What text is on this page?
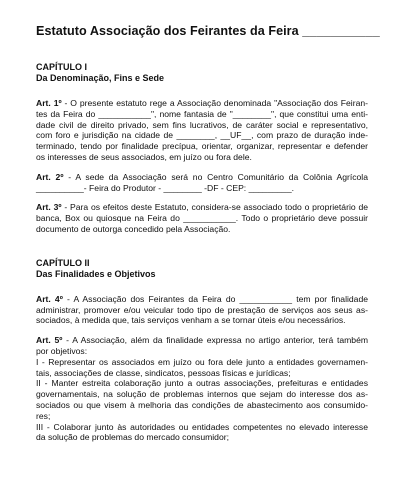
Estatuto Associação dos Feirantes da Feira ___________
CAPÍTULO I
Da Denominação, Fins e Sede
Art. 1º - O presente estatuto rege a Associação denominada "Associação dos Feiran-
tes da Feira do ___________", nome fantasia de "________", que constitui uma enti-
dade civil de direito privado, sem fins lucrativos, de caráter social e representativo,
com foro e jurisdição na cidade de ________, __UF__, com prazo de duração inde-
terminado, tendo por finalidade precípua, orientar, organizar, representar e defender
os interesses de seus associados, em juízo ou fora dele.
Art. 2º - A sede da Associação será no Centro Comunitário da Colônia Agrícola
__________- Feira do Produtor - ________ -DF - CEP: _________.
Art. 3º - Para os efeitos deste Estatuto, considera-se associado todo o proprietário de
banca, Box ou quiosque na Feira do ___________. Todo o proprietário deve possuir
documento de outorga concedido pela Associação.
CAPÍTULO II
Das Finalidades e Objetivos
Art. 4º - A Associação dos Feirantes da Feira do ___________ tem por finalidade
administrar, promover e/ou veicular todo tipo de prestação de serviços aos seus as-
sociados, à medida que, tais serviços venham a se tornar úteis e/ou necessários.
Art. 5º - A Associação, além da finalidade expressa no artigo anterior, terá também
por objetivos:
I - Representar os associados em juízo ou fora dele junto a entidades governamen-
tais, associações de classe, sindicatos, pessoas físicas e jurídicas;
II - Manter estreita colaboração junto a outras associações, prefeituras e entidades
governamentais, na solução de problemas internos que sejam do interesse dos as-
sociados ou que visem à melhoria das condições de abastecimento aos consumido-
res;
III - Colaborar junto às autoridades ou entidades competentes no elevado interesse
da solução de problemas do mercado consumidor;
